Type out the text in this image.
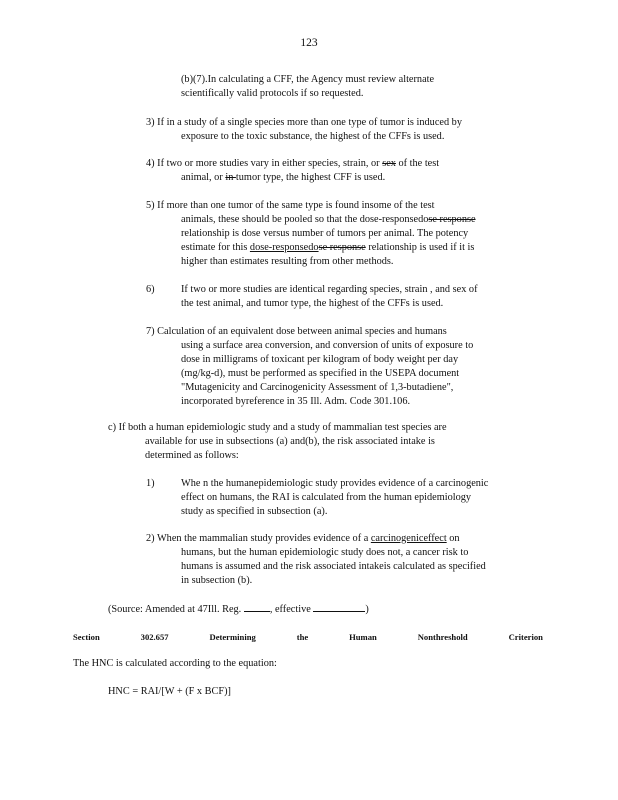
123
(b)(7).In calculating a CFF, the Agency must review alternate
scientifically valid protocols if so requested.
3) If in a study of a single species more than one type of tumor is induced by
exposure to the toxic substance, the highest of the CFFs is used.
4) If two or more studies vary in either species, strain, or sex of the test
animal, or in tumor type, the highest CFF is used.
5) If more than one tumor of the same type is found insome of the test
animals, these should be pooled so that the dose-responsedose response
relationship is dose versus number of tumors per animal. The potency
estimate for this dose-responsedose response relationship is used if it is
higher than estimates resulting from other methods.
6)	If two or more studies are identical regarding species, strain , and sex of
the test animal, and tumor type, the highest of the CFFs is used.
7) Calculation of an equivalent dose between animal species and humans
using a surface area conversion, and conversion of units of exposure to
dose in milligrams of toxicant per kilogram of body weight per day
(mg/kg-d), must be performed as specified in the USEPA document
"Mutagenicity and Carcinogenicity Assessment of 1,3-butadiene",
incorporated byreference in 35 Ill. Adm. Code 301.106.
c) If both a human epidemiologic study and a study of mammalian test species are
available for use in subsections (a) and(b), the risk associated intake is
determined as follows:
1)	Whe n the humanepidemiologic study provides evidence of a carcinogenic
effect on humans, the RAI is calculated from the human epidemiology
study as specified in subsection (a).
2) When the mammalian study provides evidence of a carcinogeniceffect on
humans, but the human epidemiologic study does not, a cancer risk to
humans is assumed and the risk associated intakeis calculated as specified
in subsection (b).
(Source: Amended at 47Ill. Reg.	, effective	)
Section	302.657	Determining	the	Human	Nonthreshold	Criterion
The HNC is calculated according to the equation:
HNC = RAI/[W + (F x BCF)]
